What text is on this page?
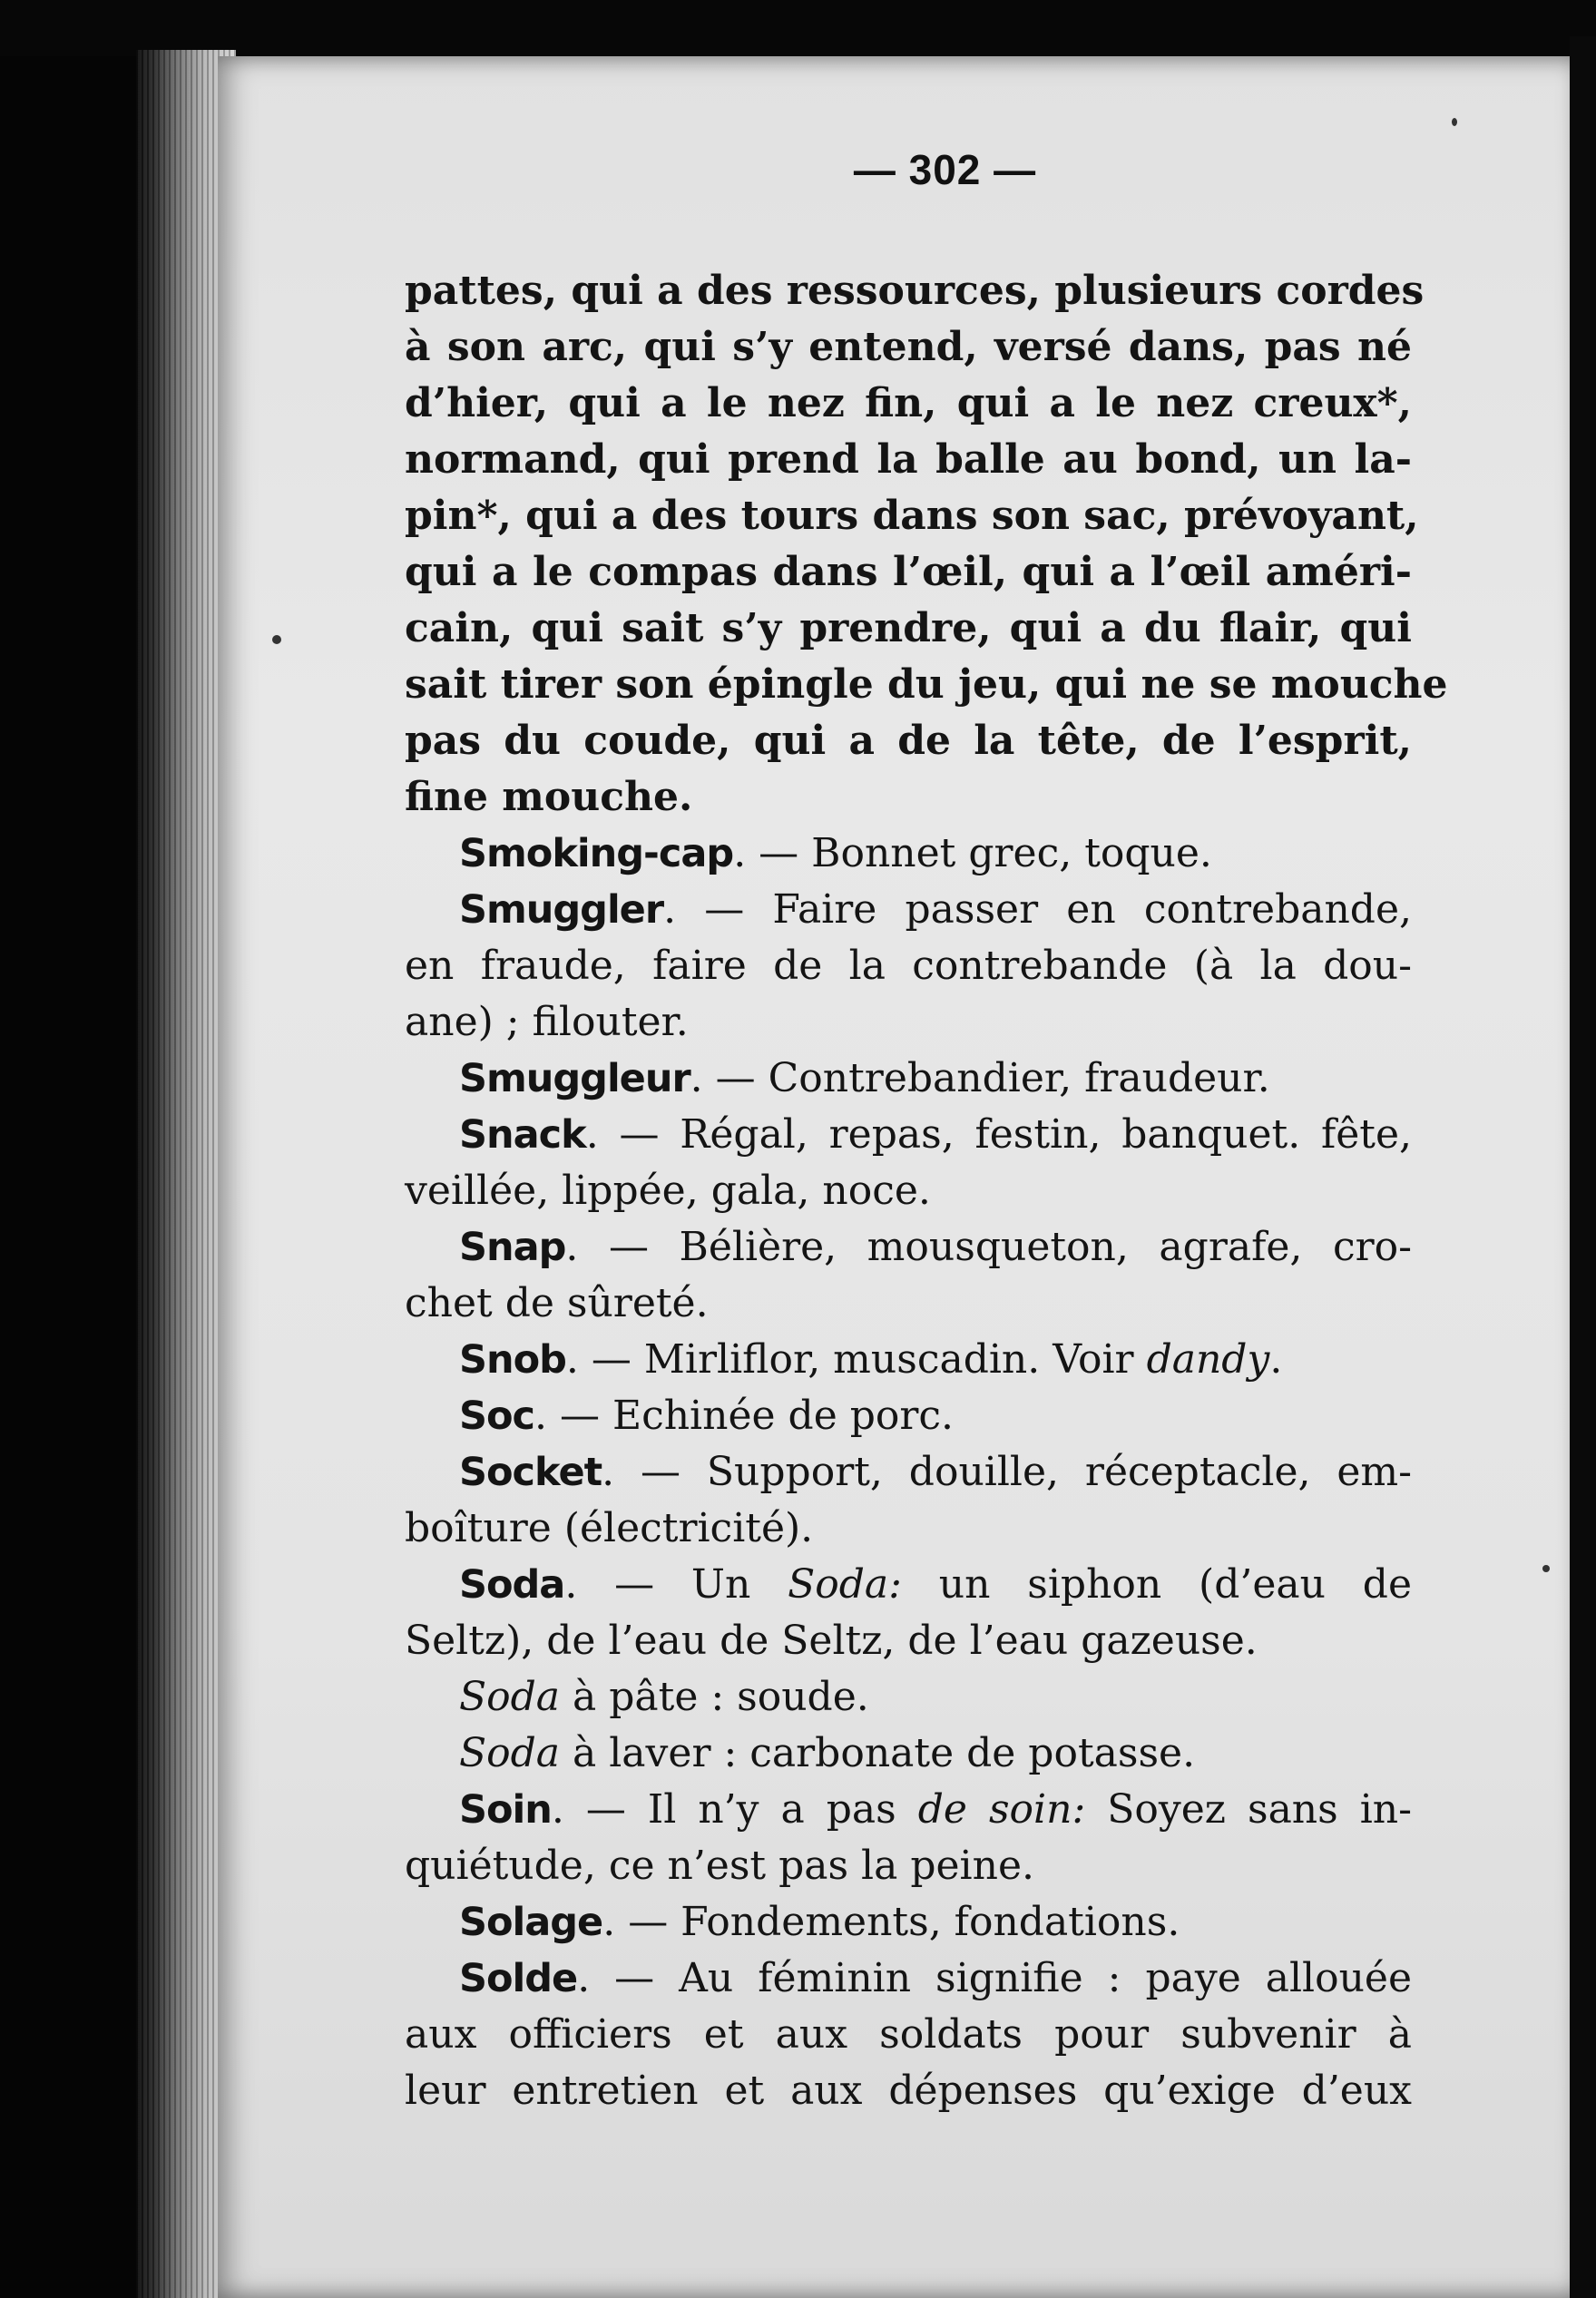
— 302 —
pattes, qui a des ressources, plusieurs cordes
à son arc, qui s’y entend, versé dans, pas né
d’hier, qui a le nez fin, qui a le nez creux*,
normand, qui prend la balle au bond, un la-
pin*, qui a des tours dans son sac, prévoyant,
qui a le compas dans l’œil, qui a l’œil améri-
cain, qui sait s’y prendre, qui a du flair, qui
sait tirer son épingle du jeu, qui ne se mouche
pas du coude, qui a de la tête, de l’esprit,
fine mouche.
Smoking-cap. — Bonnet grec, toque.
Smuggler. — Faire passer en contrebande,
en fraude, faire de la contrebande (à la dou-
ane) ; filouter.
Smuggleur. — Contrebandier, fraudeur.
Snack. — Régal, repas, festin, banquet. fête,
veillée, lippée, gala, noce.
Snap. — Bélière, mousqueton, agrafe, cro-
chet de sûreté.
Snob. — Mirliflor, muscadin. Voir dandy.
Soc. — Echinée de porc.
Socket. — Support, douille, réceptacle, em-
boîture (électricité).
Soda. — Un Soda: un siphon (d’eau de
Seltz), de l’eau de Seltz, de l’eau gazeuse.
Soda à pâte : soude.
Soda à laver : carbonate de potasse.
Soin. — Il n’y a pas de soin: Soyez sans in-
quiétude, ce n’est pas la peine.
Solage. — Fondements, fondations.
Solde. — Au féminin signifie : paye allouée
aux officiers et aux soldats pour subvenir à
leur entretien et aux dépenses qu’exige d’eux
